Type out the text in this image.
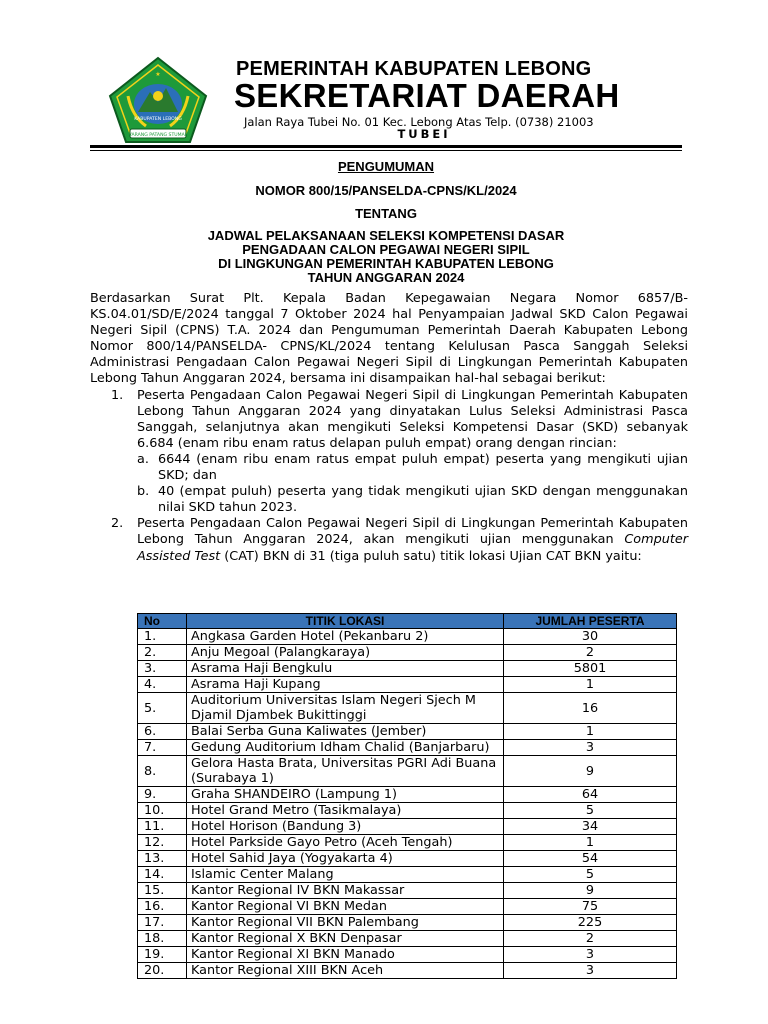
★
SWARANG PATANG STUMANG
KABUPATEN LEBONG
PEMERINTAH KABUPATEN LEBONG
SEKRETARIAT DAERAH
Jalan Raya Tubei No. 01 Kec. Lebong Atas Telp. (0738) 21003
TUBEI
PENGUMUMAN
NOMOR 800/15/PANSELDA-CPNS/KL/2024
TENTANG
JADWAL PELAKSANAAN SELEKSI KOMPETENSI DASAR
PENGADAAN CALON PEGAWAI NEGERI SIPIL
DI LINGKUNGAN PEMERINTAH KABUPATEN LEBONG
TAHUN ANGGARAN 2024

Berdasarkan Surat Plt. Kepala Badan Kepegawaian Negara Nomor 6857/B-KS.04.01/SD/E/2024 tanggal 7 Oktober 2024 hal Penyampaian Jadwal SKD Calon Pegawai Negeri Sipil (CPNS) T.A. 2024 dan Pengumuman Pemerintah Daerah Kabupaten Lebong Nomor 800/14/PANSELDA- CPNS/KL/2024 tentang Kelulusan Pasca Sanggah Seleksi Administrasi Pengadaan Calon Pegawai Negeri Sipil di Lingkungan Pemerintah Kabupaten Lebong Tahun Anggaran 2024, bersama ini disampaikan hal-hal sebagai berikut:

1. Peserta Pengadaan Calon Pegawai Negeri Sipil di Lingkungan Pemerintah Kabupaten Lebong Tahun Anggaran 2024 yang dinyatakan Lulus Seleksi Administrasi Pasca Sanggah, selanjutnya akan mengikuti Seleksi Kompetensi Dasar (SKD) sebanyak 6.684 (enam ribu enam ratus delapan puluh empat) orang dengan rincian:
a. 6644 (enam ribu enam ratus empat puluh empat) peserta yang mengikuti ujian SKD; dan
b. 40 (empat puluh) peserta yang tidak mengikuti ujian SKD dengan menggunakan nilai SKD tahun 2023.
2. Peserta Pengadaan Calon Pegawai Negeri Sipil di Lingkungan Pemerintah Kabupaten Lebong Tahun Anggaran 2024, akan mengikuti ujian menggunakan Computer Assisted Test (CAT) BKN di 31 (tiga puluh satu) titik lokasi Ujian CAT BKN yaitu:
No	TITIK LOKASI	JUMLAH PESERTA
1.	Angkasa Garden Hotel (Pekanbaru 2)	30
2.	Anju Megoal (Palangkaraya)	2
3.	Asrama Haji Bengkulu	5801
4.	Asrama Haji Kupang	1
5.	Auditorium Universitas Islam Negeri Sjech M Djamil Djambek Bukittinggi	16
6.	Balai Serba Guna Kaliwates (Jember)	1
7.	Gedung Auditorium Idham Chalid (Banjarbaru)	3
8.	Gelora Hasta Brata, Universitas PGRI Adi Buana (Surabaya 1)	9
9.	Graha SHANDEIRO (Lampung 1)	64
10.	Hotel Grand Metro (Tasikmalaya)	5
11.	Hotel Horison (Bandung 3)	34
12.	Hotel Parkside Gayo Petro (Aceh Tengah)	1
13.	Hotel Sahid Jaya (Yogyakarta 4)	54
14.	Islamic Center Malang	5
15.	Kantor Regional IV BKN Makassar	9
16.	Kantor Regional VI BKN Medan	75
17.	Kantor Regional VII BKN Palembang	225
18.	Kantor Regional X BKN Denpasar	2
19.	Kantor Regional XI BKN Manado	3
20.	Kantor Regional XIII BKN Aceh	3
